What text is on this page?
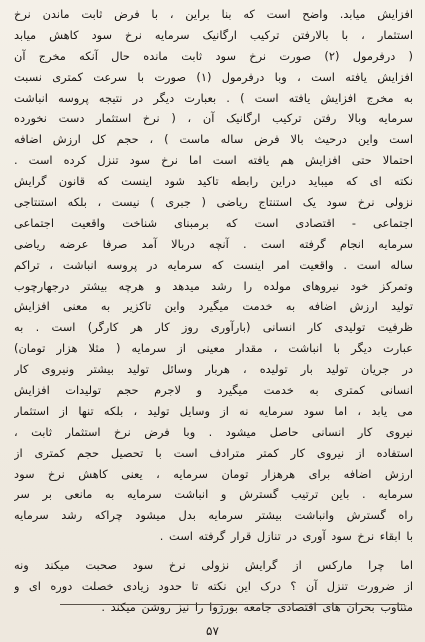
افزایش میابد. واضح است که بنا براین ، با فرض ثابت ماندن نرخ
استثمار ، با بالارفتن ترکیب ارگانیک سرمایه نرخ سود کاهش میابد
( درفرمول (۲) صورت نرخ سود ثابت مانده حال آنکه مخرج آن
افزایش یافته است ، وبا درفرمول (۱) صورت با سرعت کمتری نسبت
به مخرج افزایش یافته است ) . بعبارت دیگر در نتیجه پروسه انباشت
سرمایه وبالا رفتن ترکیب ارگانیک آن ، ( نرخ استثمار دست نخورده
است واین درحیث بالا فرض ساله ماست ) ، حجم کل ارزش اضافه
احتمالا حتی افزایش هم یافته است اما نرخ سود تنزل کرده است .
نکته ای که میباید دراین رابطه تاکید شود اینست که قانون گرایش
نزولی نرخ سود یک استنتاج ریاضی ( جبری ) نیست ، بلکه استنتاجی
اجتماعی - اقتصادی است که برمبنای شناخت واقعیت اجتماعی
سرمایه انجام گرفته است . آنچه دربالا آمد صرفا عرضه ریاضی
ساله است . واقعیت امر اینست که سرمایه در پروسه انباشت ، تراکم
وتمرکز خود نیروهای مولده را رشد میدهد و هرچه بیشتر درجهارچوب
تولید ارزش اضافه به خدمت میگیرد واین تاکزیر به معنی افزایش
ظرفیت تولیدی کار انسانی (بارآوری روز کار هر کارگر) است . به
عبارت دیگر با انباشت ، مقدار معینی از سرمایه ( مثلا هزار تومان)
در جریان تولید بار تولیده ، هربار وسائل تولید بیشتر ونیروی کار
انسانی کمتری به خدمت میگیرد و لاجرم حجم تولیدات افزایش
می یابد ، اما سود سرمایه نه از وسایل تولید ، بلکه تنها از استثمار
نیروی کار انسانی حاصل میشود . وبا فرض نرخ استثمار ثابت ،
استفاده از نیروی کار کمتر مترادف است با تحصیل حجم کمتری از
ارزش اضافه برای هرهزار تومان سرمایه ، یعنی کاهش نرخ سود
سرمایه . باین ترتیب گسترش و انباشت سرمایه به مانعی بر سر
راه گسترش وانباشت بیشتر سرمایه بدل میشود چراکه رشد سرمایه
با ابقاء نرخ سود آوری در تنازل قرار گرفته است .
اما چرا مارکس از گرایش نزولی نرخ سود صحبت میکند ونه
از ضرورت تنزل آن ؟ درک این نکته تا حدود زیادی خصلت دوره ای و
متناوب بحران های اقتصادی جامعه بورژوا را نیز روشن میکند .
۵۷
